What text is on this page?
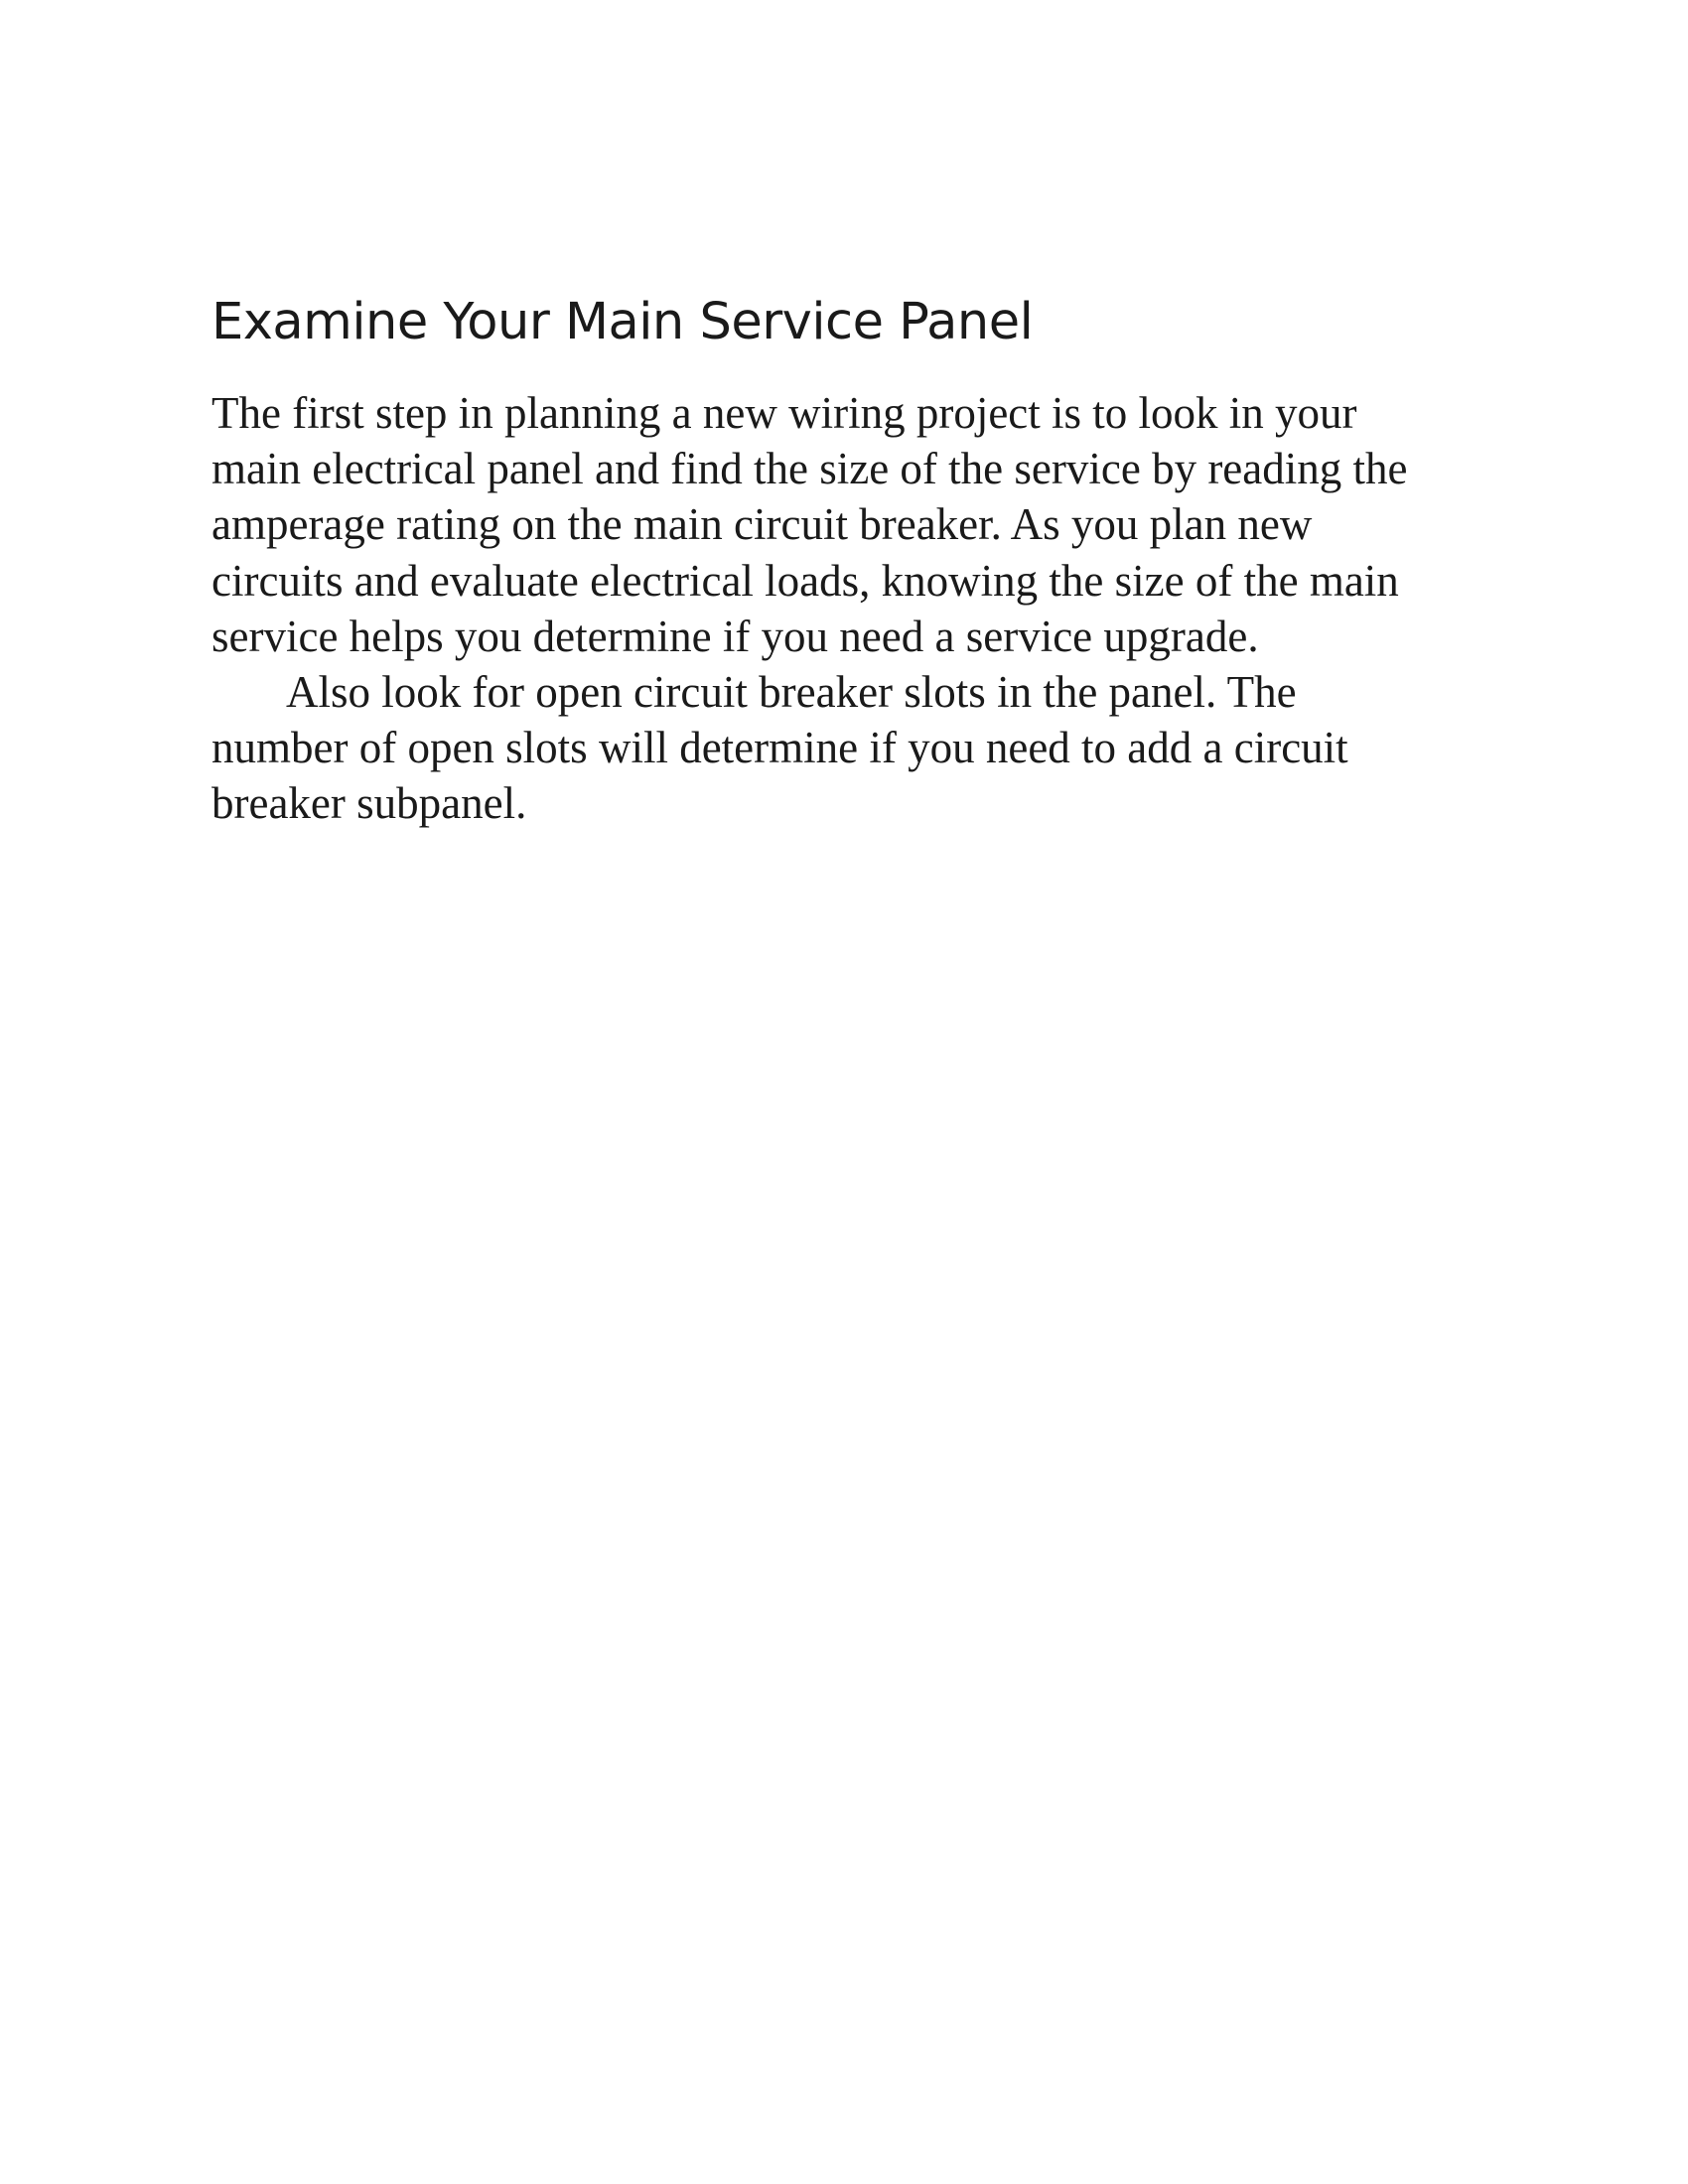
Examine Your Main Service Panel
The first step in planning a new wiring project is to look in your
main electrical panel and find the size of the service by reading the
amperage rating on the main circuit breaker. As you plan new
circuits and evaluate electrical loads, knowing the size of the main
service helps you determine if you need a service upgrade.
Also look for open circuit breaker slots in the panel. The
number of open slots will determine if you need to add a circuit
breaker subpanel.
